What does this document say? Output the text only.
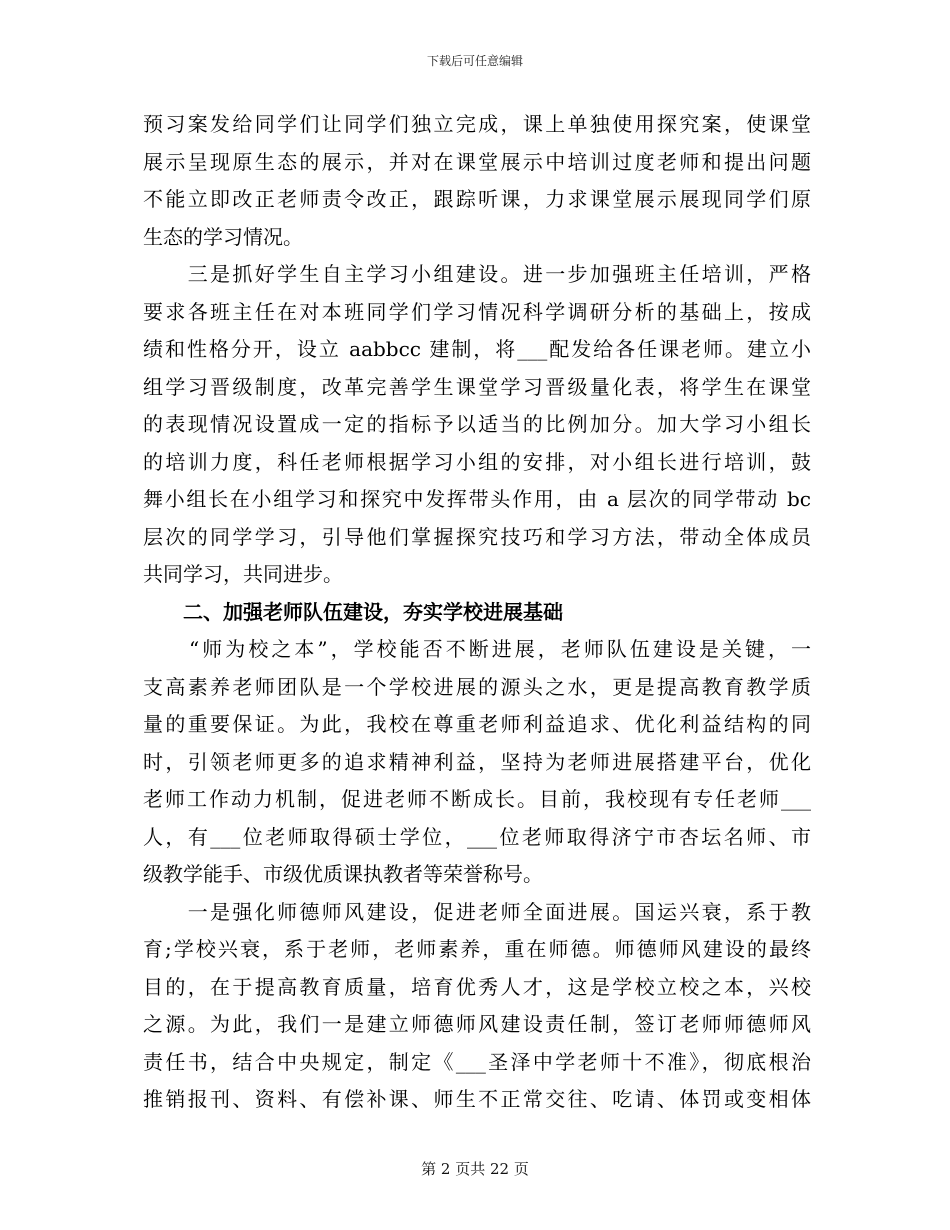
下载后可任意编辑
预习案发给同学们让同学们独立完成，课上单独使用探究案，使课堂
展示呈现原生态的展示，并对在课堂展示中培训过度老师和提出问题
不能立即改正老师责令改正，跟踪听课，力求课堂展示展现同学们原
生态的学习情况。
　　三是抓好学生自主学习小组建设。进一步加强班主任培训，严格
要求各班主任在对本班同学们学习情况科学调研分析的基础上，按成
绩和性格分开，设立 aabbcc 建制，将___配发给各任课老师。建立小
组学习晋级制度，改革完善学生课堂学习晋级量化表，将学生在课堂
的表现情况设置成一定的指标予以适当的比例加分。加大学习小组长
的培训力度，科任老师根据学习小组的安排，对小组长进行培训，鼓
舞小组长在小组学习和探究中发挥带头作用，由 a 层次的同学带动 bc
层次的同学学习，引导他们掌握探究技巧和学习方法，带动全体成员
共同学习，共同进步。
　　二、加强老师队伍建设，夯实学校进展基础
　　“师为校之本”，学校能否不断进展，老师队伍建设是关键，一
支高素养老师团队是一个学校进展的源头之水，更是提高教育教学质
量的重要保证。为此，我校在尊重老师利益追求、优化利益结构的同
时，引领老师更多的追求精神利益，坚持为老师进展搭建平台，优化
老师工作动力机制，促进老师不断成长。目前，我校现有专任老师___
人，有___位老师取得硕士学位，___位老师取得济宁市杏坛名师、市
级教学能手、市级优质课执教者等荣誉称号。
　　一是强化师德师风建设，促进老师全面进展。国运兴衰，系于教
育;学校兴衰，系于老师，老师素养，重在师德。师德师风建设的最终
目的，在于提高教育质量，培育优秀人才，这是学校立校之本，兴校
之源。为此，我们一是建立师德师风建设责任制，签订老师师德师风
责任书，结合中央规定，制定《___圣泽中学老师十不准》，彻底根治
推销报刊、资料、有偿补课、师生不正常交往、吃请、体罚或变相体
第 2 页共 22 页
